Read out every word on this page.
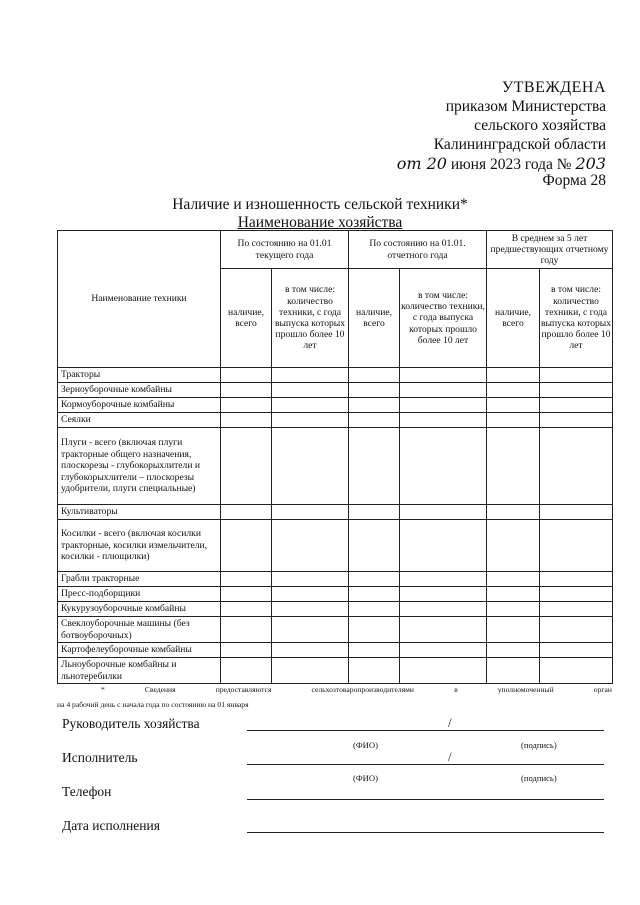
УТВЕЖДЕНА
приказом Министерства
сельского хозяйства
Калининградской области
от 20 июня 2023 года № 203
Форма 28
Наличие и изношенность сельской техники*
Наименование хозяйства
Наименование техники	По состоянию на 01.01 текущего года		По состоянию на 01.01. отчетного года		В среднем за 5 лет предшествующих отчетному году	
	наличие, всего	в том числе: количество техники, с года выпуска которых прошло более 10 лет	наличие, всего	в том числе: количество техники, с года выпуска которых прошло более 10 лет	наличие, всего	в том числе: количество техники, с года выпуска которых прошло более 10 лет
Тракторы						
Зерноуборочные комбайны						
Кормоуборочные комбайны						
Сеялки						
Плуги - всего (включая плуги тракторные общего назначения, плоскорезы - глубокорыхлители и глубокорыхлители – плоскорезы удобрители, плуги специальные)						
Культиваторы						
Косилки - всего (включая косилки тракторные, косилки измельчители, косилки - плющилки)						
Грабли тракторные						
Пресс-подборщики						
Кукурузоуборочные комбайны						
Свеклоуборочные машины (без ботвоуборочных)						
Картофелеуборочные комбайны						
Льноуборочные комбайны и льнотеребилки						
*	Сведения	предоставляются	сельхозтоваропроизводителями	в	уполномоченный	орган
на 4 рабочий день с начала года по состоянию на 01 января
Руководитель хозяйства	/
(ФИО)	(подпись)
Исполнитель	/
(ФИО)	(подпись)
Телефон
Дата исполнения
